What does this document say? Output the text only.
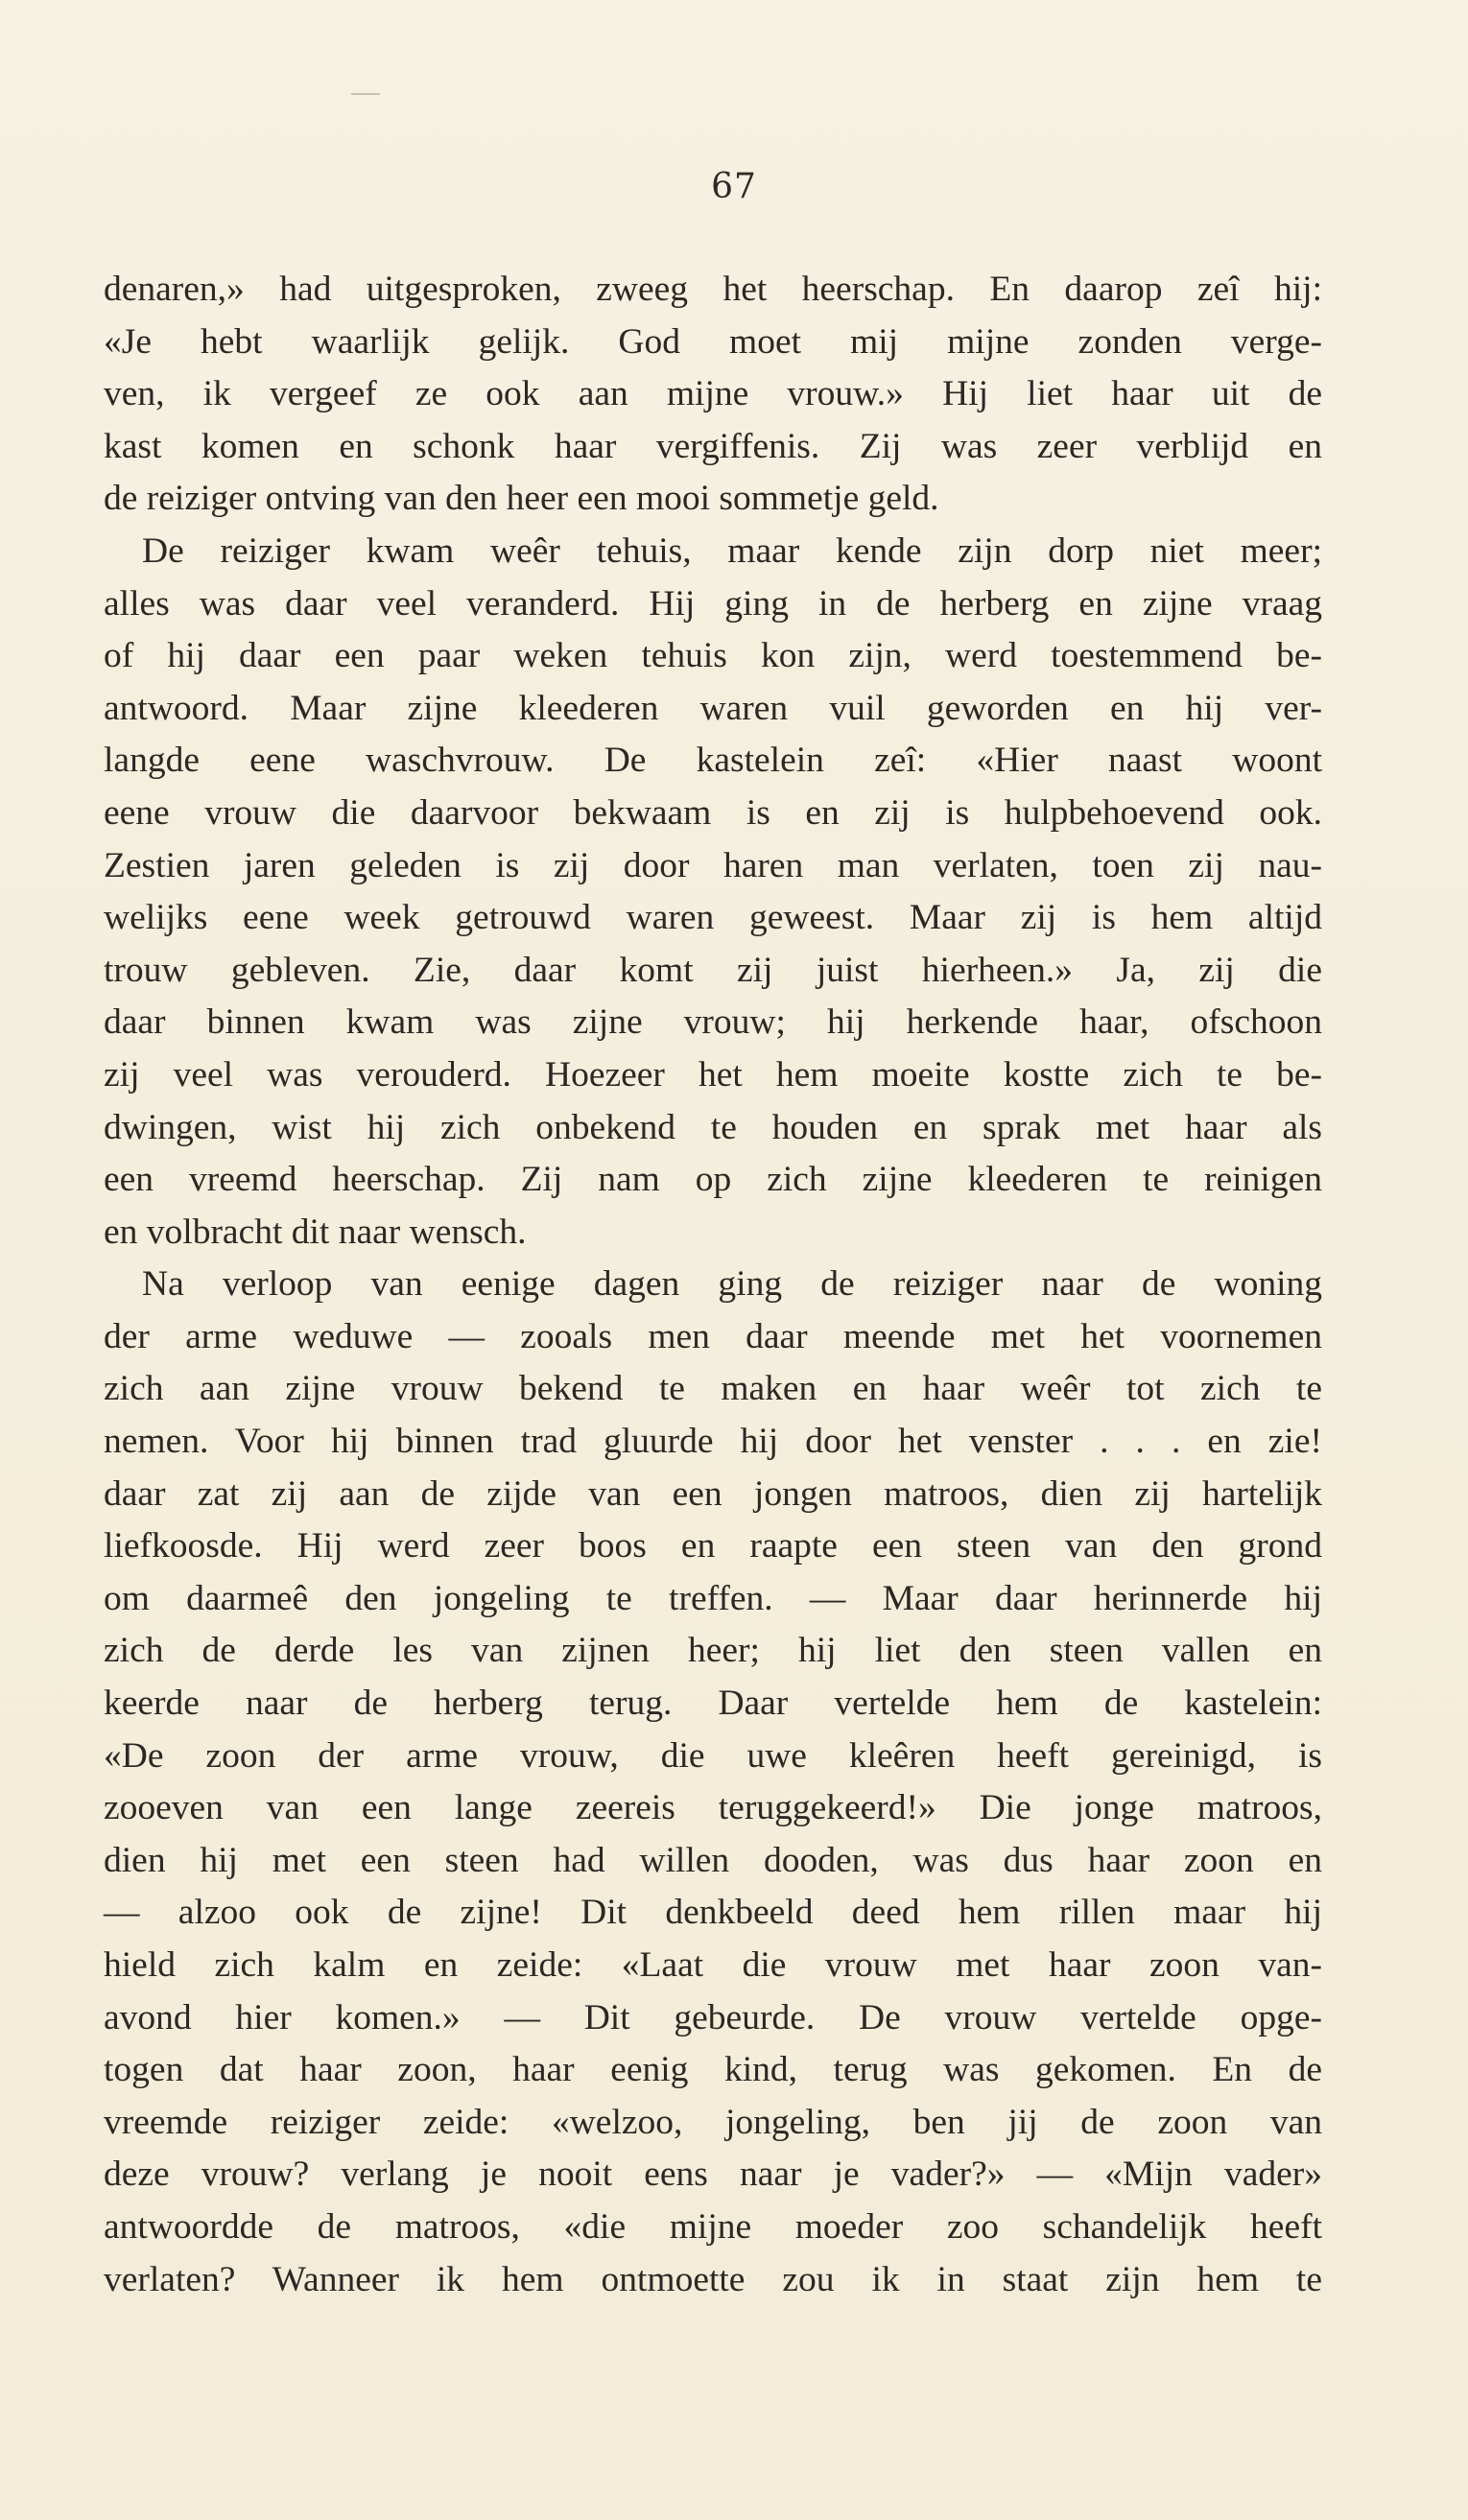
67
denaren,» had uitgesproken, zweeg het heerschap. En daarop zeî hij:
«Je hebt waarlijk gelijk. God moet mij mijne zonden verge-
ven, ik vergeef ze ook aan mijne vrouw.» Hij liet haar uit de
kast komen en schonk haar vergiffenis. Zij was zeer verblijd en
de reiziger ontving van den heer een mooi sommetje geld.
De reiziger kwam weêr tehuis, maar kende zijn dorp niet meer;
alles was daar veel veranderd. Hij ging in de herberg en zijne vraag
of hij daar een paar weken tehuis kon zijn, werd toestemmend be-
antwoord. Maar zijne kleederen waren vuil geworden en hij ver-
langde eene waschvrouw. De kastelein zeî: «Hier naast woont
eene vrouw die daarvoor bekwaam is en zij is hulpbehoevend ook.
Zestien jaren geleden is zij door haren man verlaten, toen zij nau-
welijks eene week getrouwd waren geweest. Maar zij is hem altijd
trouw gebleven. Zie, daar komt zij juist hierheen.» Ja, zij die
daar binnen kwam was zijne vrouw; hij herkende haar, ofschoon
zij veel was verouderd. Hoezeer het hem moeite kostte zich te be-
dwingen, wist hij zich onbekend te houden en sprak met haar als
een vreemd heerschap. Zij nam op zich zijne kleederen te reinigen
en volbracht dit naar wensch.
Na verloop van eenige dagen ging de reiziger naar de woning
der arme weduwe — zooals men daar meende met het voornemen
zich aan zijne vrouw bekend te maken en haar weêr tot zich te
nemen. Voor hij binnen trad gluurde hij door het venster . . . en zie!
daar zat zij aan de zijde van een jongen matroos, dien zij hartelijk
liefkoosde. Hij werd zeer boos en raapte een steen van den grond
om daarmeê den jongeling te treffen. — Maar daar herinnerde hij
zich de derde les van zijnen heer; hij liet den steen vallen en
keerde naar de herberg terug. Daar vertelde hem de kastelein:
«De zoon der arme vrouw, die uwe kleêren heeft gereinigd, is
zooeven van een lange zeereis teruggekeerd!» Die jonge matroos,
dien hij met een steen had willen dooden, was dus haar zoon en
— alzoo ook de zijne! Dit denkbeeld deed hem rillen maar hij
hield zich kalm en zeide: «Laat die vrouw met haar zoon van-
avond hier komen.» — Dit gebeurde. De vrouw vertelde opge-
togen dat haar zoon, haar eenig kind, terug was gekomen. En de
vreemde reiziger zeide: «welzoo, jongeling, ben jij de zoon van
deze vrouw? verlang je nooit eens naar je vader?» — «Mijn vader»
antwoordde de matroos, «die mijne moeder zoo schandelijk heeft
verlaten? Wanneer ik hem ontmoette zou ik in staat zijn hem te
